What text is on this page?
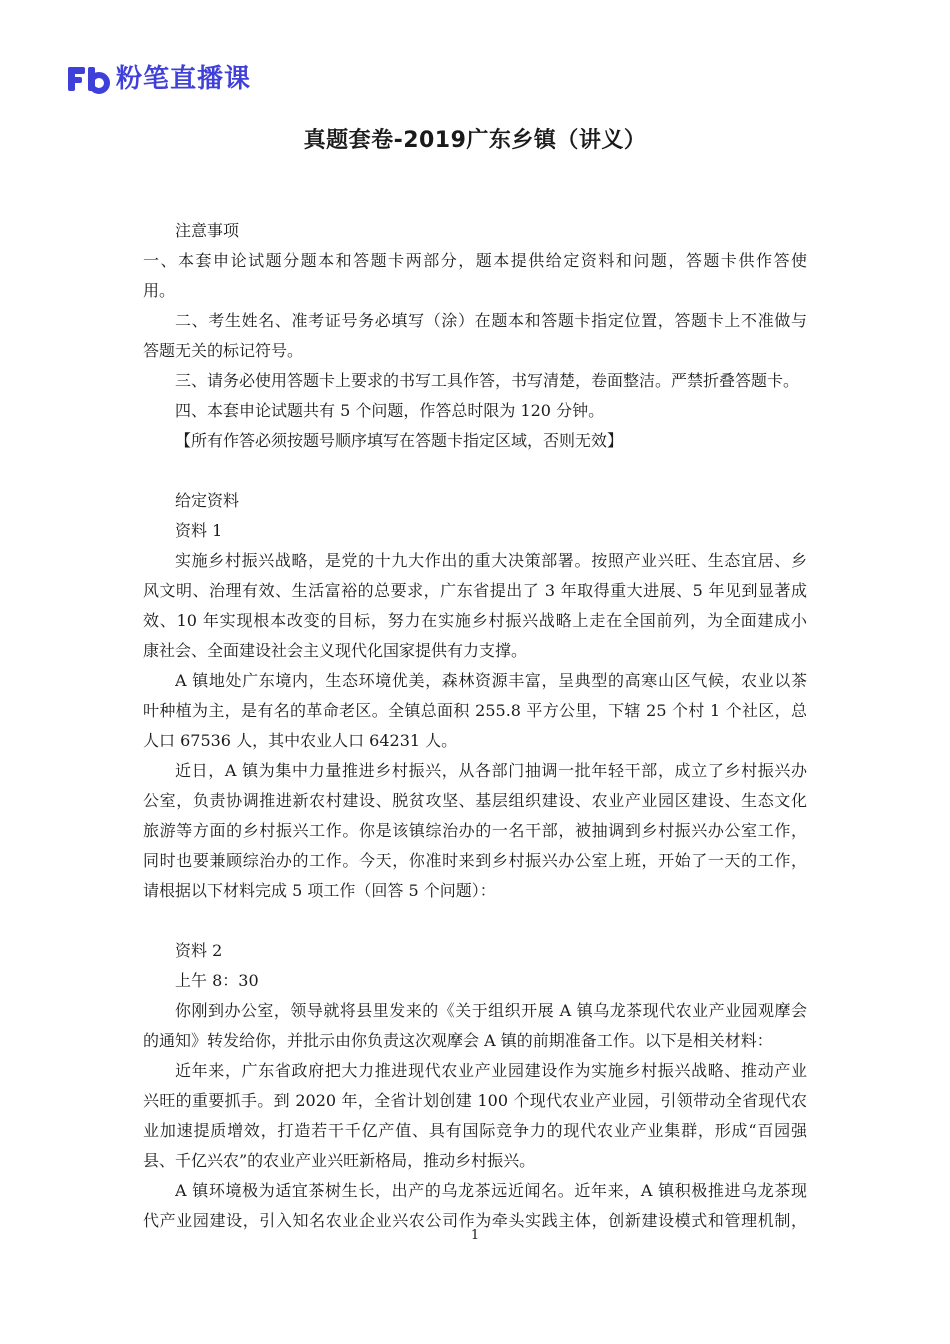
粉笔直播课
真题套卷-2019广东乡镇（讲义）
注意事项
一、本套申论试题分题本和答题卡两部分，题本提供给定资料和问题，答题卡供作答使
用。
二、考生姓名、准考证号务必填写（涂）在题本和答题卡指定位置，答题卡上不准做与
答题无关的标记符号。
三、请务必使用答题卡上要求的书写工具作答，书写清楚，卷面整洁。严禁折叠答题卡。
四、本套申论试题共有 5 个问题，作答总时限为 120 分钟。
【所有作答必须按题号顺序填写在答题卡指定区域，否则无效】
给定资料
资料 1
实施乡村振兴战略，是党的十九大作出的重大决策部署。按照产业兴旺、生态宜居、乡
风文明、治理有效、生活富裕的总要求，广东省提出了 3 年取得重大进展、5 年见到显著成
效、10 年实现根本改变的目标，努力在实施乡村振兴战略上走在全国前列，为全面建成小
康社会、全面建设社会主义现代化国家提供有力支撑。
A 镇地处广东境内，生态环境优美，森林资源丰富，呈典型的高寒山区气候，农业以茶
叶种植为主，是有名的革命老区。全镇总面积 255.8 平方公里，下辖 25 个村 1 个社区，总
人口 67536 人，其中农业人口 64231 人。
近日，A 镇为集中力量推进乡村振兴，从各部门抽调一批年轻干部，成立了乡村振兴办
公室，负责协调推进新农村建设、脱贫攻坚、基层组织建设、农业产业园区建设、生态文化
旅游等方面的乡村振兴工作。你是该镇综治办的一名干部，被抽调到乡村振兴办公室工作，
同时也要兼顾综治办的工作。今天，你准时来到乡村振兴办公室上班，开始了一天的工作，
请根据以下材料完成 5 项工作（回答 5 个问题）：
资料 2
上午 8：30
你刚到办公室，领导就将县里发来的《关于组织开展 A 镇乌龙茶现代农业产业园观摩会
的通知》转发给你，并批示由你负责这次观摩会 A 镇的前期准备工作。以下是相关材料：
近年来，广东省政府把大力推进现代农业产业园建设作为实施乡村振兴战略、推动产业
兴旺的重要抓手。到 2020 年，全省计划创建 100 个现代农业产业园，引领带动全省现代农
业加速提质增效，打造若干千亿产值、具有国际竞争力的现代农业产业集群，形成“百园强
县、千亿兴农”的农业产业兴旺新格局，推动乡村振兴。
A 镇环境极为适宜茶树生长，出产的乌龙茶远近闻名。近年来，A 镇积极推进乌龙茶现
代产业园建设，引入知名农业企业兴农公司作为牵头实践主体，创新建设模式和管理机制，
1
